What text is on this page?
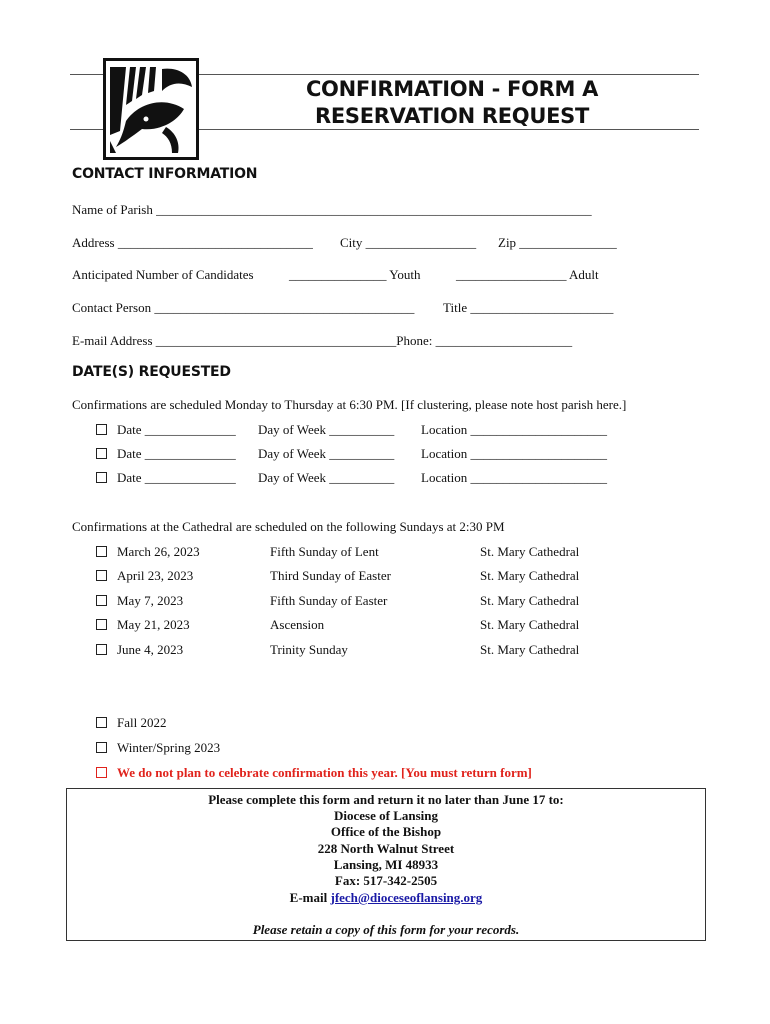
CONFIRMATION - FORM A
RESERVATION REQUEST
CONTACT INFORMATION
Name of Parish ___________________________________________________________________
Address ______________________________ City _________________ Zip _______________
Anticipated Number of Candidates	_______________ Youth	_________________ Adult
Contact Person ________________________________________ Title ______________________
E-mail Address _____________________________________Phone: _____________________
DATE(S) REQUESTED
Confirmations are scheduled Monday to Thursday at 6:30 PM. [If clustering, please note host parish here.]
Date ______________ Day of Week __________ Location _____________________
Date ______________ Day of Week __________ Location _____________________
Date ______________ Day of Week __________ Location _____________________
Confirmations at the Cathedral are scheduled on the following Sundays at 2:30 PM
March 26, 2023	Fifth Sunday of Lent	St. Mary Cathedral
April 23, 2023	Third Sunday of Easter	St. Mary Cathedral
May 7, 2023	Fifth Sunday of Easter	St. Mary Cathedral
May 21, 2023	Ascension	St. Mary Cathedral
June 4, 2023	Trinity Sunday	St. Mary Cathedral
Fall 2022
Winter/Spring 2023
We do not plan to celebrate confirmation this year. [You must return form]
Please complete this form and return it no later than June 17 to:
Diocese of Lansing
Office of the Bishop
228 North Walnut Street
Lansing, MI 48933
Fax: 517-342-2505
E-mail jfech@dioceseoflansing.org
Please retain a copy of this form for your records.
